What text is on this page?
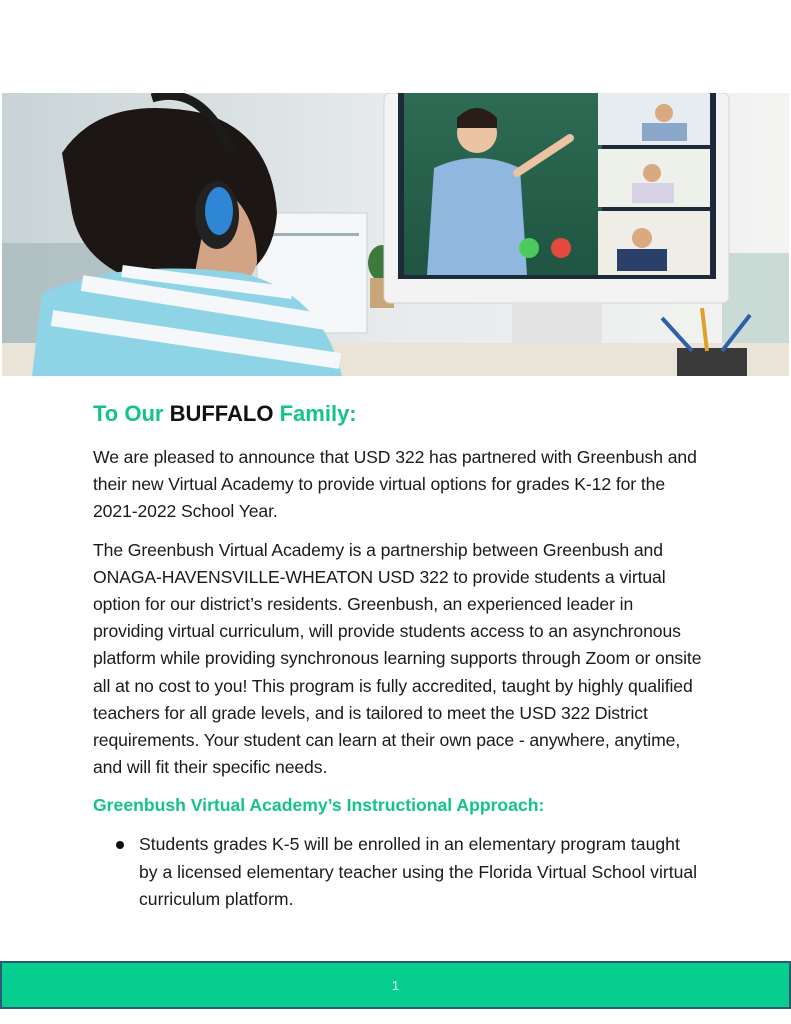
To Our BUFFALO Family:

We are pleased to announce that USD 322 has partnered with Greenbush and their new Virtual Academy to provide virtual options for grades K-12 for the 2021-2022 School Year.

The Greenbush Virtual Academy is a partnership between Greenbush and ONAGA-HAVENSVILLE-WHEATON USD 322 to provide students a virtual option for our district’s residents. Greenbush, an experienced leader in providing virtual curriculum, will provide students access to an asynchronous platform while providing synchronous learning supports through Zoom or onsite all at no cost to you! This program is fully accredited, taught by highly qualified teachers for all grade levels, and is tailored to meet the USD 322 District requirements. Your student can learn at their own pace - anywhere, anytime, and will fit their specific needs.

Greenbush Virtual Academy’s Instructional Approach:
Students grades K-5 will be enrolled in an elementary program taught by a licensed elementary teacher using the Florida Virtual School virtual curriculum platform.
1
